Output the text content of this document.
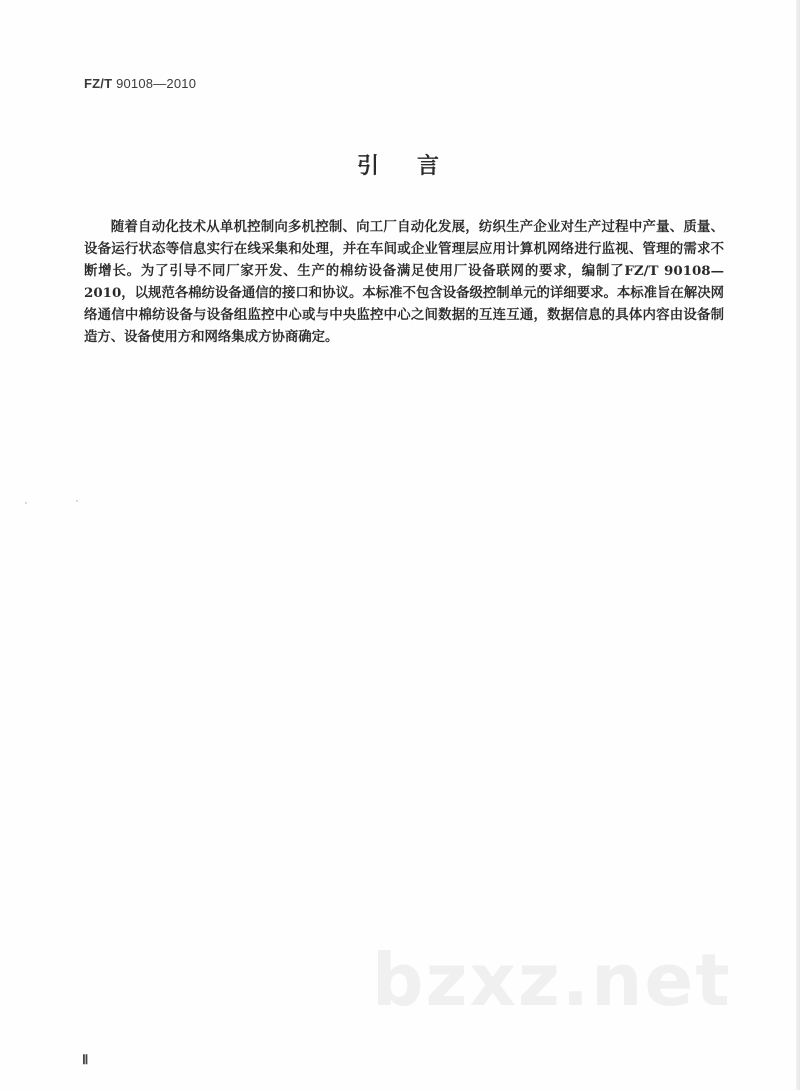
FZ/T 90108—2010
引 言

随着自动化技术从单机控制向多机控制、向工厂自动化发展，纺织生产企业对生产过程中产量、质量、设备运行状态等信息实行在线采集和处理，并在车间或企业管理层应用计算机网络进行监视、管理的需求不断增长。为了引导不同厂家开发、生产的棉纺设备满足使用厂设备联网的要求，编制了FZ/T 90108—2010，以规范各棉纺设备通信的接口和协议。本标准不包含设备级控制单元的详细要求。本标准旨在解决网络通信中棉纺设备与设备组监控中心或与中央监控中心之间数据的互连互通，数据信息的具体内容由设备制造方、设备使用方和网络集成方协商确定。

bzxz.net
Ⅱ
